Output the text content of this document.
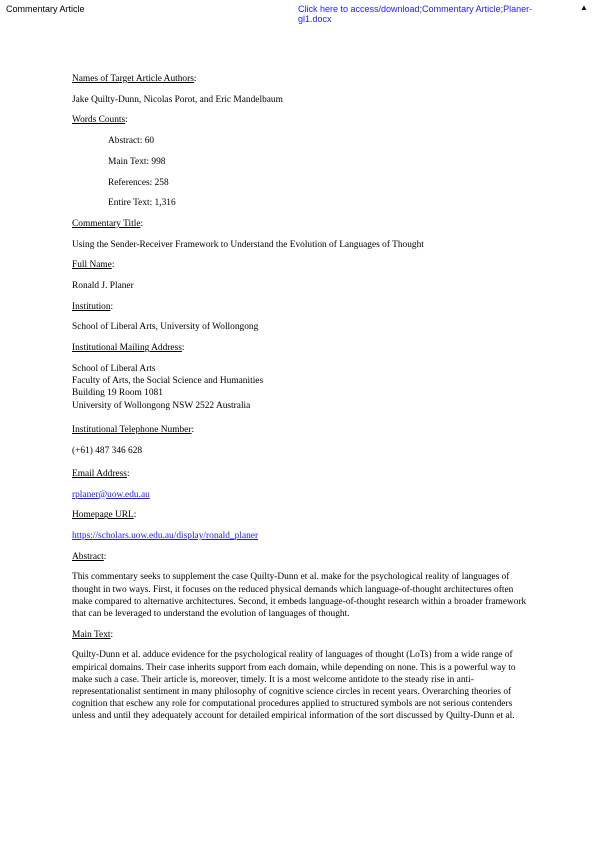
Commentary Article	Click here to access/download;Commentary Article;Planer-gl1.docx
▲
Names of Target Article Authors:
Jake Quilty-Dunn, Nicolas Porot, and Eric Mandelbaum
Words Counts:
Abstract: 60
Main Text: 998
References: 258
Entire Text: 1,316
Commentary Title:
Using the Sender-Receiver Framework to Understand the Evolution of Languages of Thought
Full Name:
Ronald J. Planer
Institution:
School of Liberal Arts, University of Wollongong
Institutional Mailing Address:
School of Liberal Arts
Faculty of Arts, the Social Science and Humanities
Building 19 Room 1081
University of Wollongong NSW 2522 Australia
Institutional Telephone Number:
(+61) 487 346 628
Email Address:
rplaner@uow.edu.au
Homepage URL:
https://scholars.uow.edu.au/display/ronald_planer
Abstract:
This commentary seeks to supplement the case Quilty-Dunn et al. make for the psychological reality of languages of thought in two ways. First, it focuses on the reduced physical demands which language-of-thought architectures often make compared to alternative architectures. Second, it embeds language-of-thought research within a broader framework that can be leveraged to understand the evolution of languages of thought.
Main Text:
Quilty-Dunn et al. adduce evidence for the psychological reality of languages of thought (LoTs) from a wide range of empirical domains. Their case inherits support from each domain, while depending on none. This is a powerful way to make such a case. Their article is, moreover, timely. It is a most welcome antidote to the steady rise in anti-representationalist sentiment in many philosophy of cognitive science circles in recent years. Overarching theories of cognition that eschew any role for computational procedures applied to structured symbols are not serious contenders unless and until they adequately account for detailed empirical information of the sort discussed by Quilty-Dunn et al.
